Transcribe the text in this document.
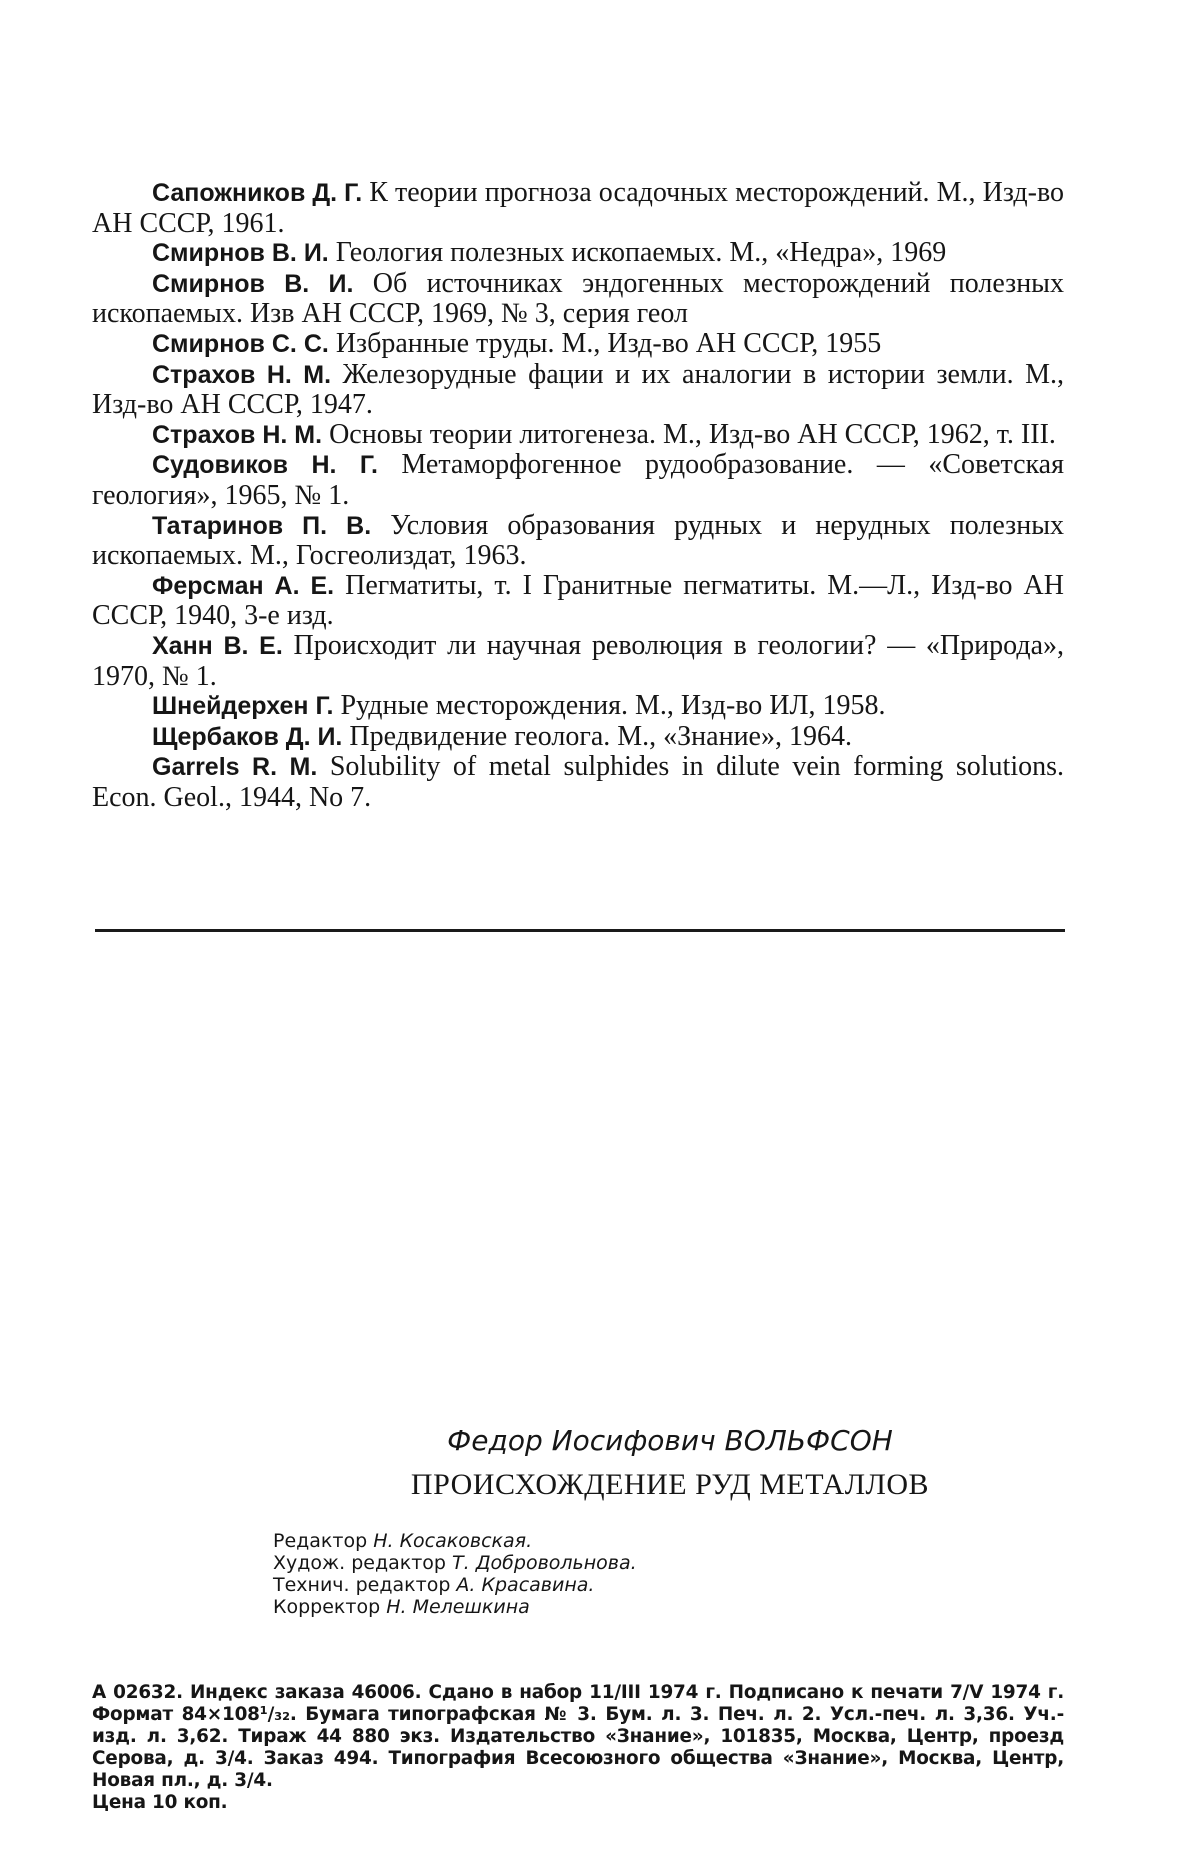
Сапожников Д. Г. К теории прогноза осадочных месторождений. М., Изд-во АН СССР, 1961.

Смирнов В. И. Геология полезных ископаемых. М., «Недра», 1969

Смирнов В. И. Об источниках эндогенных месторождений полезных ископаемых. Изв АН СССР, 1969, № 3, серия геол

Смирнов С. С. Избранные труды. М., Изд-во АН СССР, 1955

Страхов Н. М. Железорудные фации и их аналогии в истории земли. М., Изд-во АН СССР, 1947.

Страхов Н. М. Основы теории литогенеза. М., Изд-во АН СССР, 1962, т. III.

Судовиков Н. Г. Метаморфогенное рудообразование. — «Советская геология», 1965, № 1.

Татаринов П. В. Условия образования рудных и нерудных полезных ископаемых. М., Госгеолиздат, 1963.

Ферсман А. Е. Пегматиты, т. I Гранитные пегматиты. М.—Л., Изд-во АН СССР, 1940, 3-е изд.

Ханн В. Е. Происходит ли научная революция в геологии? — «Природа», 1970, № 1.

Шнейдерхен Г. Рудные месторождения. М., Изд-во ИЛ, 1958.

Щербаков Д. И. Предвидение геолога. М., «Знание», 1964.

Garrels R. M. Solubility of metal sulphides in dilute vein forming solutions. Econ. Geol., 1944, No 7.

Федор Иосифович ВОЛЬФСОН
ПРОИСХОЖДЕНИЕ РУД МЕТАЛЛОВ
Редактор Н. Косаковская.
Худож. редактор Т. Добровольнова.
Технич. редактор А. Красавина.
Корректор Н. Мелешкина
А 02632. Индекс заказа 46006. Сдано в набор 11/III 1974 г. Подписано к печати 7/V 1974 г. Формат 84×108¹/₃₂. Бумага типографская № 3. Бум. л. 3. Печ. л. 2. Усл.-печ. л. 3,36. Уч.-изд. л. 3,62. Тираж 44 880 экз. Издательство «Знание», 101835, Москва, Центр, проезд Серова, д. 3/4. Заказ 494. Типография Всесоюзного общества «Знание», Москва, Центр, Новая пл., д. 3/4.
Цена 10 коп.
